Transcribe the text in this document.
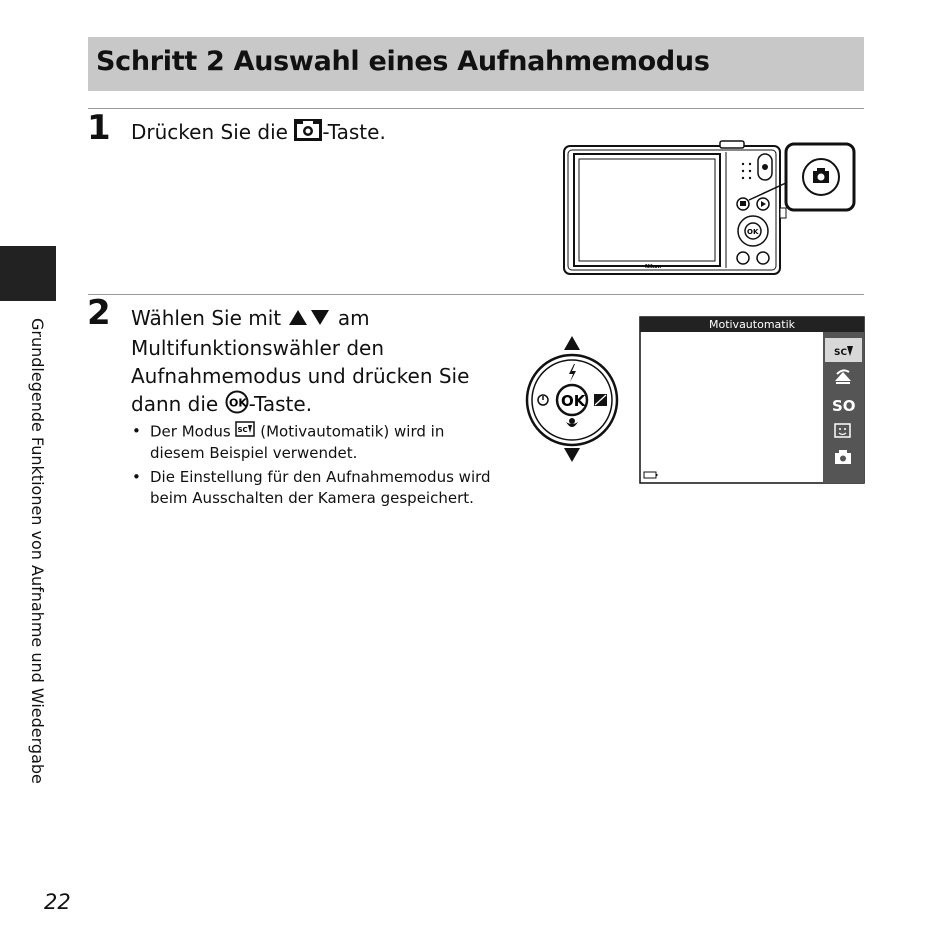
Schritt 2 Auswahl eines Aufnahmemodus
1 Drücken Sie die -Taste.
Nikon
OK
2 Wählen Sie mit  am
Multifunktionswähler den
Aufnahmemodus und drücken Sie
dann die OK -Taste.
• Der Modus SC (Motivautomatik) wird in diesem Beispiel verwendet.
• Die Einstellung für den Aufnahmemodus wird beim Ausschalten der Kamera gespeichert.
OK
Motivautomatik
SC
SO
Grundlegende Funktionen von Aufnahme und Wiedergabe
22
